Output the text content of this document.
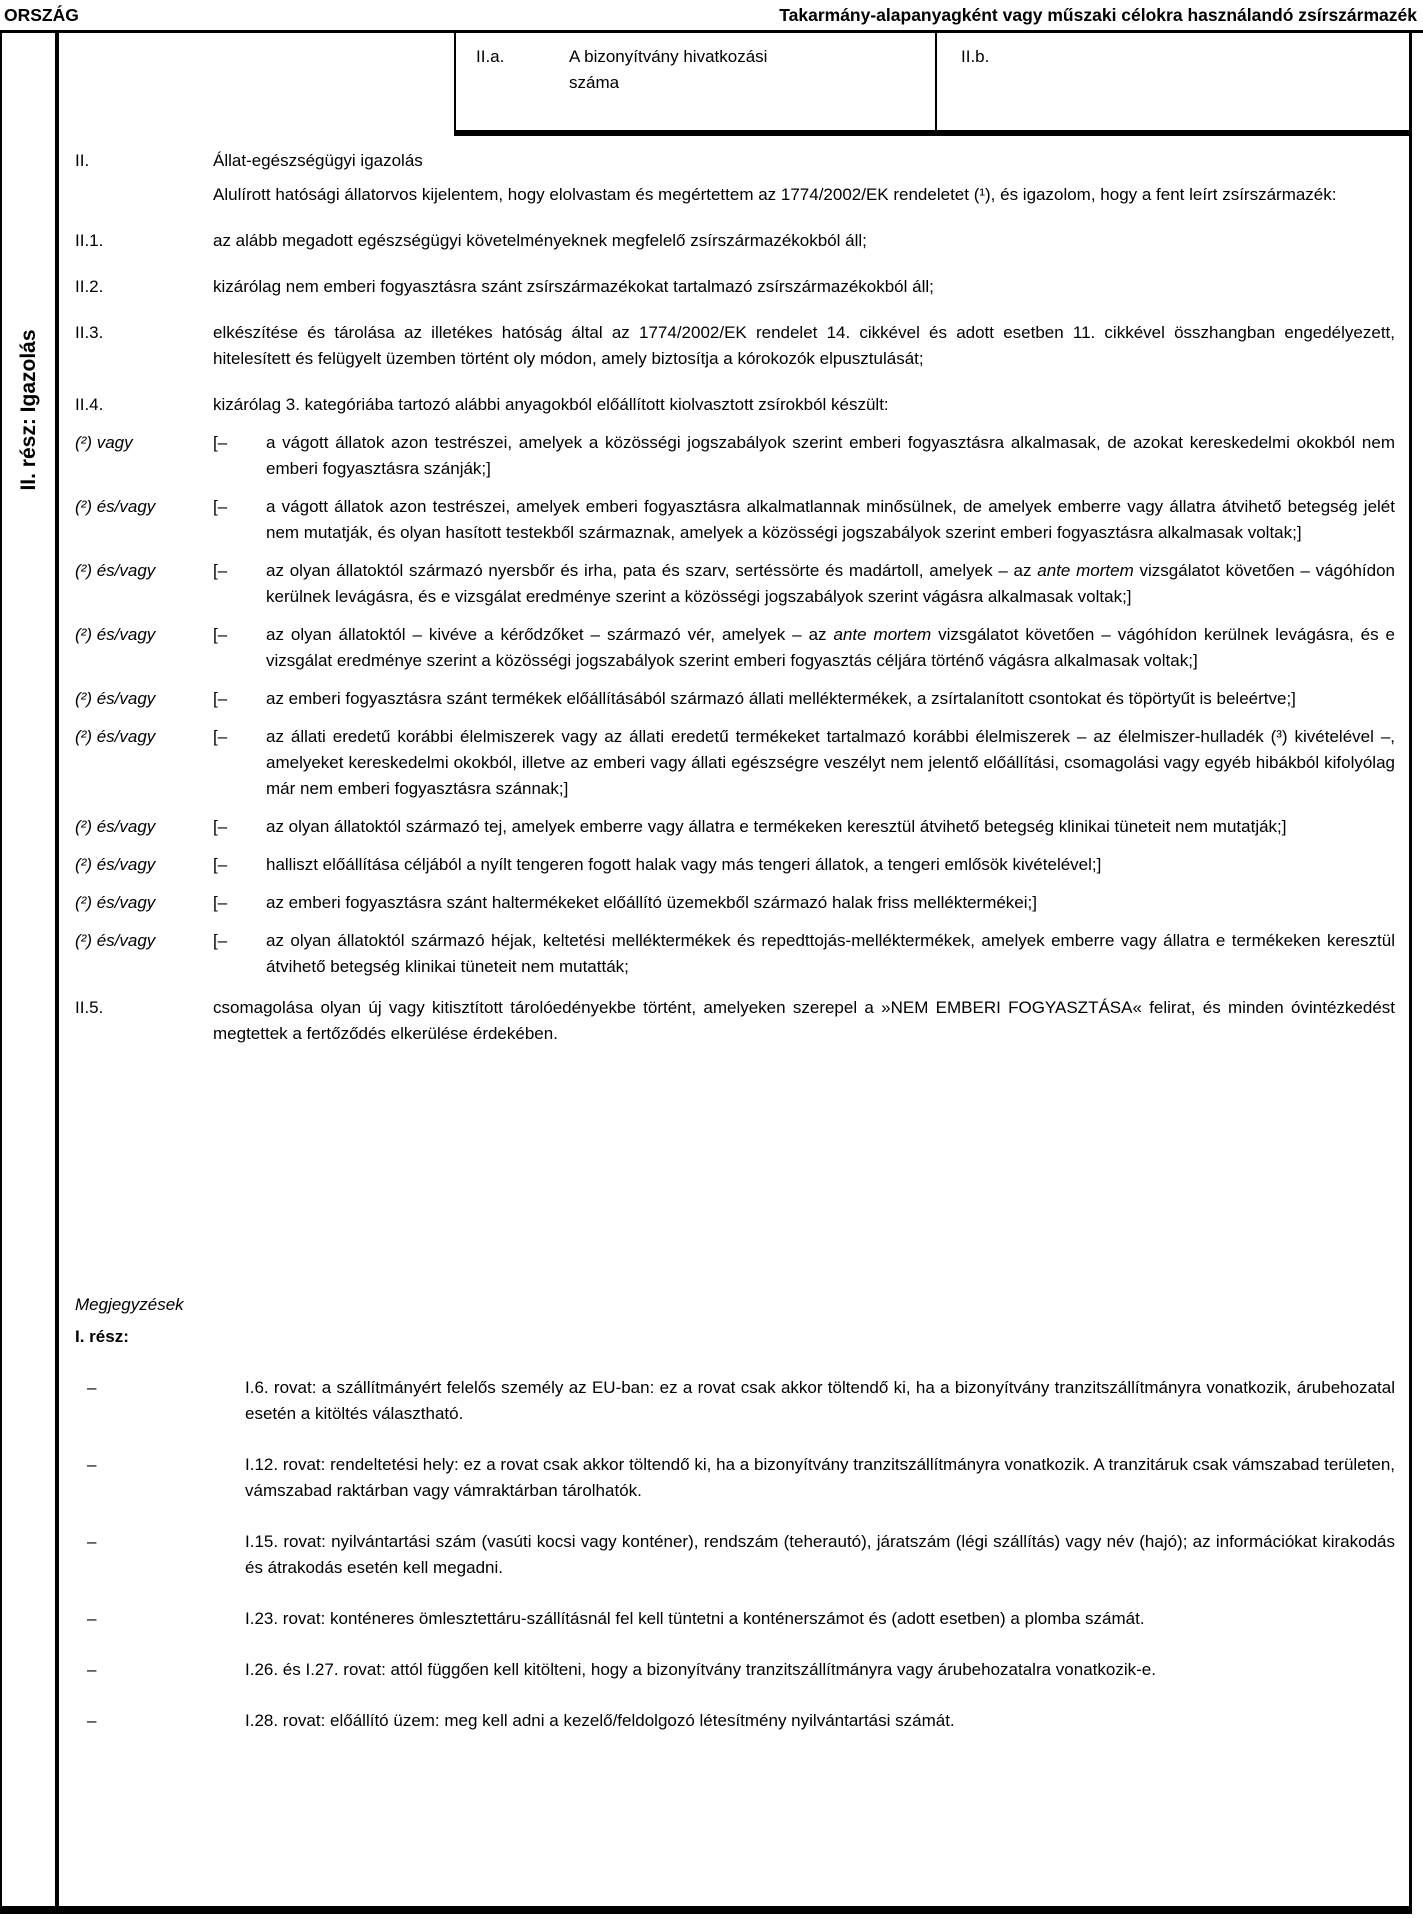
ORSZÁG	Takarmány-alapanyagként vagy műszaki célokra használandó zsírszármazék
II. rész: Igazolás
II.a.	A bizonyítvány hivatkozási száma
II.b.
II.	Állat-egészségügyi igazolás
Alulírott hatósági állatorvos kijelentem, hogy elolvastam és megértettem az 1774/2002/EK rendeletet (¹), és igazolom, hogy a fent leírt zsírszármazék:
II.1.	az alább megadott egészségügyi követelményeknek megfelelő zsírszármazékokból áll;
II.2.	kizárólag nem emberi fogyasztásra szánt zsírszármazékokat tartalmazó zsírszármazékokból áll;
II.3.	elkészítése és tárolása az illetékes hatóság által az 1774/2002/EK rendelet 14. cikkével és adott esetben 11. cikkével összhangban engedélyezett, hitelesített és felügyelt üzemben történt oly módon, amely biztosítja a kórokozók elpusztulását;
II.4.	kizárólag 3. kategóriába tartozó alábbi anyagokból előállított kiolvasztott zsírokból készült:
(²) vagy	[–	a vágott állatok azon testrészei, amelyek a közösségi jogszabályok szerint emberi fogyasztásra alkalmasak, de azokat kereskedelmi okokból nem emberi fogyasztásra szánják;]
(²) és/vagy	[–	a vágott állatok azon testrészei, amelyek emberi fogyasztásra alkalmatlannak minősülnek, de amelyek emberre vagy állatra átvihető betegség jelét nem mutatják, és olyan hasított testekből származnak, amelyek a közösségi jogszabályok szerint emberi fogyasztásra alkalmasak voltak;]
(²) és/vagy	[–	az olyan állatoktól származó nyersbőr és irha, pata és szarv, sertéssörte és madártoll, amelyek – az ante mortem vizsgálatot követően – vágóhídon kerülnek levágásra, és e vizsgálat eredménye szerint a közösségi jogszabályok szerint vágásra alkalmasak voltak;]
(²) és/vagy	[–	az olyan állatoktól – kivéve a kérődzőket – származó vér, amelyek – az ante mortem vizsgálatot követően – vágóhídon kerülnek levágásra, és e vizsgálat eredménye szerint a közösségi jogszabályok szerint emberi fogyasztás céljára történő vágásra alkalmasak voltak;]
(²) és/vagy	[–	az emberi fogyasztásra szánt termékek előállításából származó állati melléktermékek, a zsírtalanított csontokat és töpörtyűt is beleértve;]
(²) és/vagy	[–	az állati eredetű korábbi élelmiszerek vagy az állati eredetű termékeket tartalmazó korábbi élelmiszerek – az élelmiszer-hulladék (³) kivételével –, amelyeket kereskedelmi okokból, illetve az emberi vagy állati egészségre veszélyt nem jelentő előállítási, csomagolási vagy egyéb hibákból kifolyólag már nem emberi fogyasztásra szánnak;]
(²) és/vagy	[–	az olyan állatoktól származó tej, amelyek emberre vagy állatra e termékeken keresztül átvihető betegség klinikai tüneteit nem mutatják;]
(²) és/vagy	[–	halliszt előállítása céljából a nyílt tengeren fogott halak vagy más tengeri állatok, a tengeri emlősök kivételével;]
(²) és/vagy	[–	az emberi fogyasztásra szánt haltermékeket előállító üzemekből származó halak friss melléktermékei;]
(²) és/vagy	[–	az olyan állatoktól származó héjak, keltetési melléktermékek és repedttojás-melléktermékek, amelyek emberre vagy állatra e termékeken keresztül átvihető betegség klinikai tüneteit nem mutatták;
II.5.	csomagolása olyan új vagy kitisztított tárolóedényekbe történt, amelyeken szerepel a »NEM EMBERI FOGYASZTÁSA« felirat, és minden óvintézkedést megtettek a fertőződés elkerülése érdekében.
Megjegyzések
I. rész:
–	I.6. rovat: a szállítmányért felelős személy az EU-ban: ez a rovat csak akkor töltendő ki, ha a bizonyítvány tranzitszállítmányra vonatkozik, árubehozatal esetén a kitöltés választható.
–	I.12. rovat: rendeltetési hely: ez a rovat csak akkor töltendő ki, ha a bizonyítvány tranzitszállítmányra vonatkozik. A tranzitáruk csak vámszabad területen, vámszabad raktárban vagy vámraktárban tárolhatók.
–	I.15. rovat: nyilvántartási szám (vasúti kocsi vagy konténer), rendszám (teherautó), járatszám (légi szállítás) vagy név (hajó); az információkat kirakodás és átrakodás esetén kell megadni.
–	I.23. rovat: konténeres ömlesztettáru-szállításnál fel kell tüntetni a konténerszámot és (adott esetben) a plomba számát.
–	I.26. és I.27. rovat: attól függően kell kitölteni, hogy a bizonyítvány tranzitszállítmányra vagy árubehozatalra vonatkozik-e.
–	I.28. rovat: előállító üzem: meg kell adni a kezelő/feldolgozó létesítmény nyilvántartási számát.
